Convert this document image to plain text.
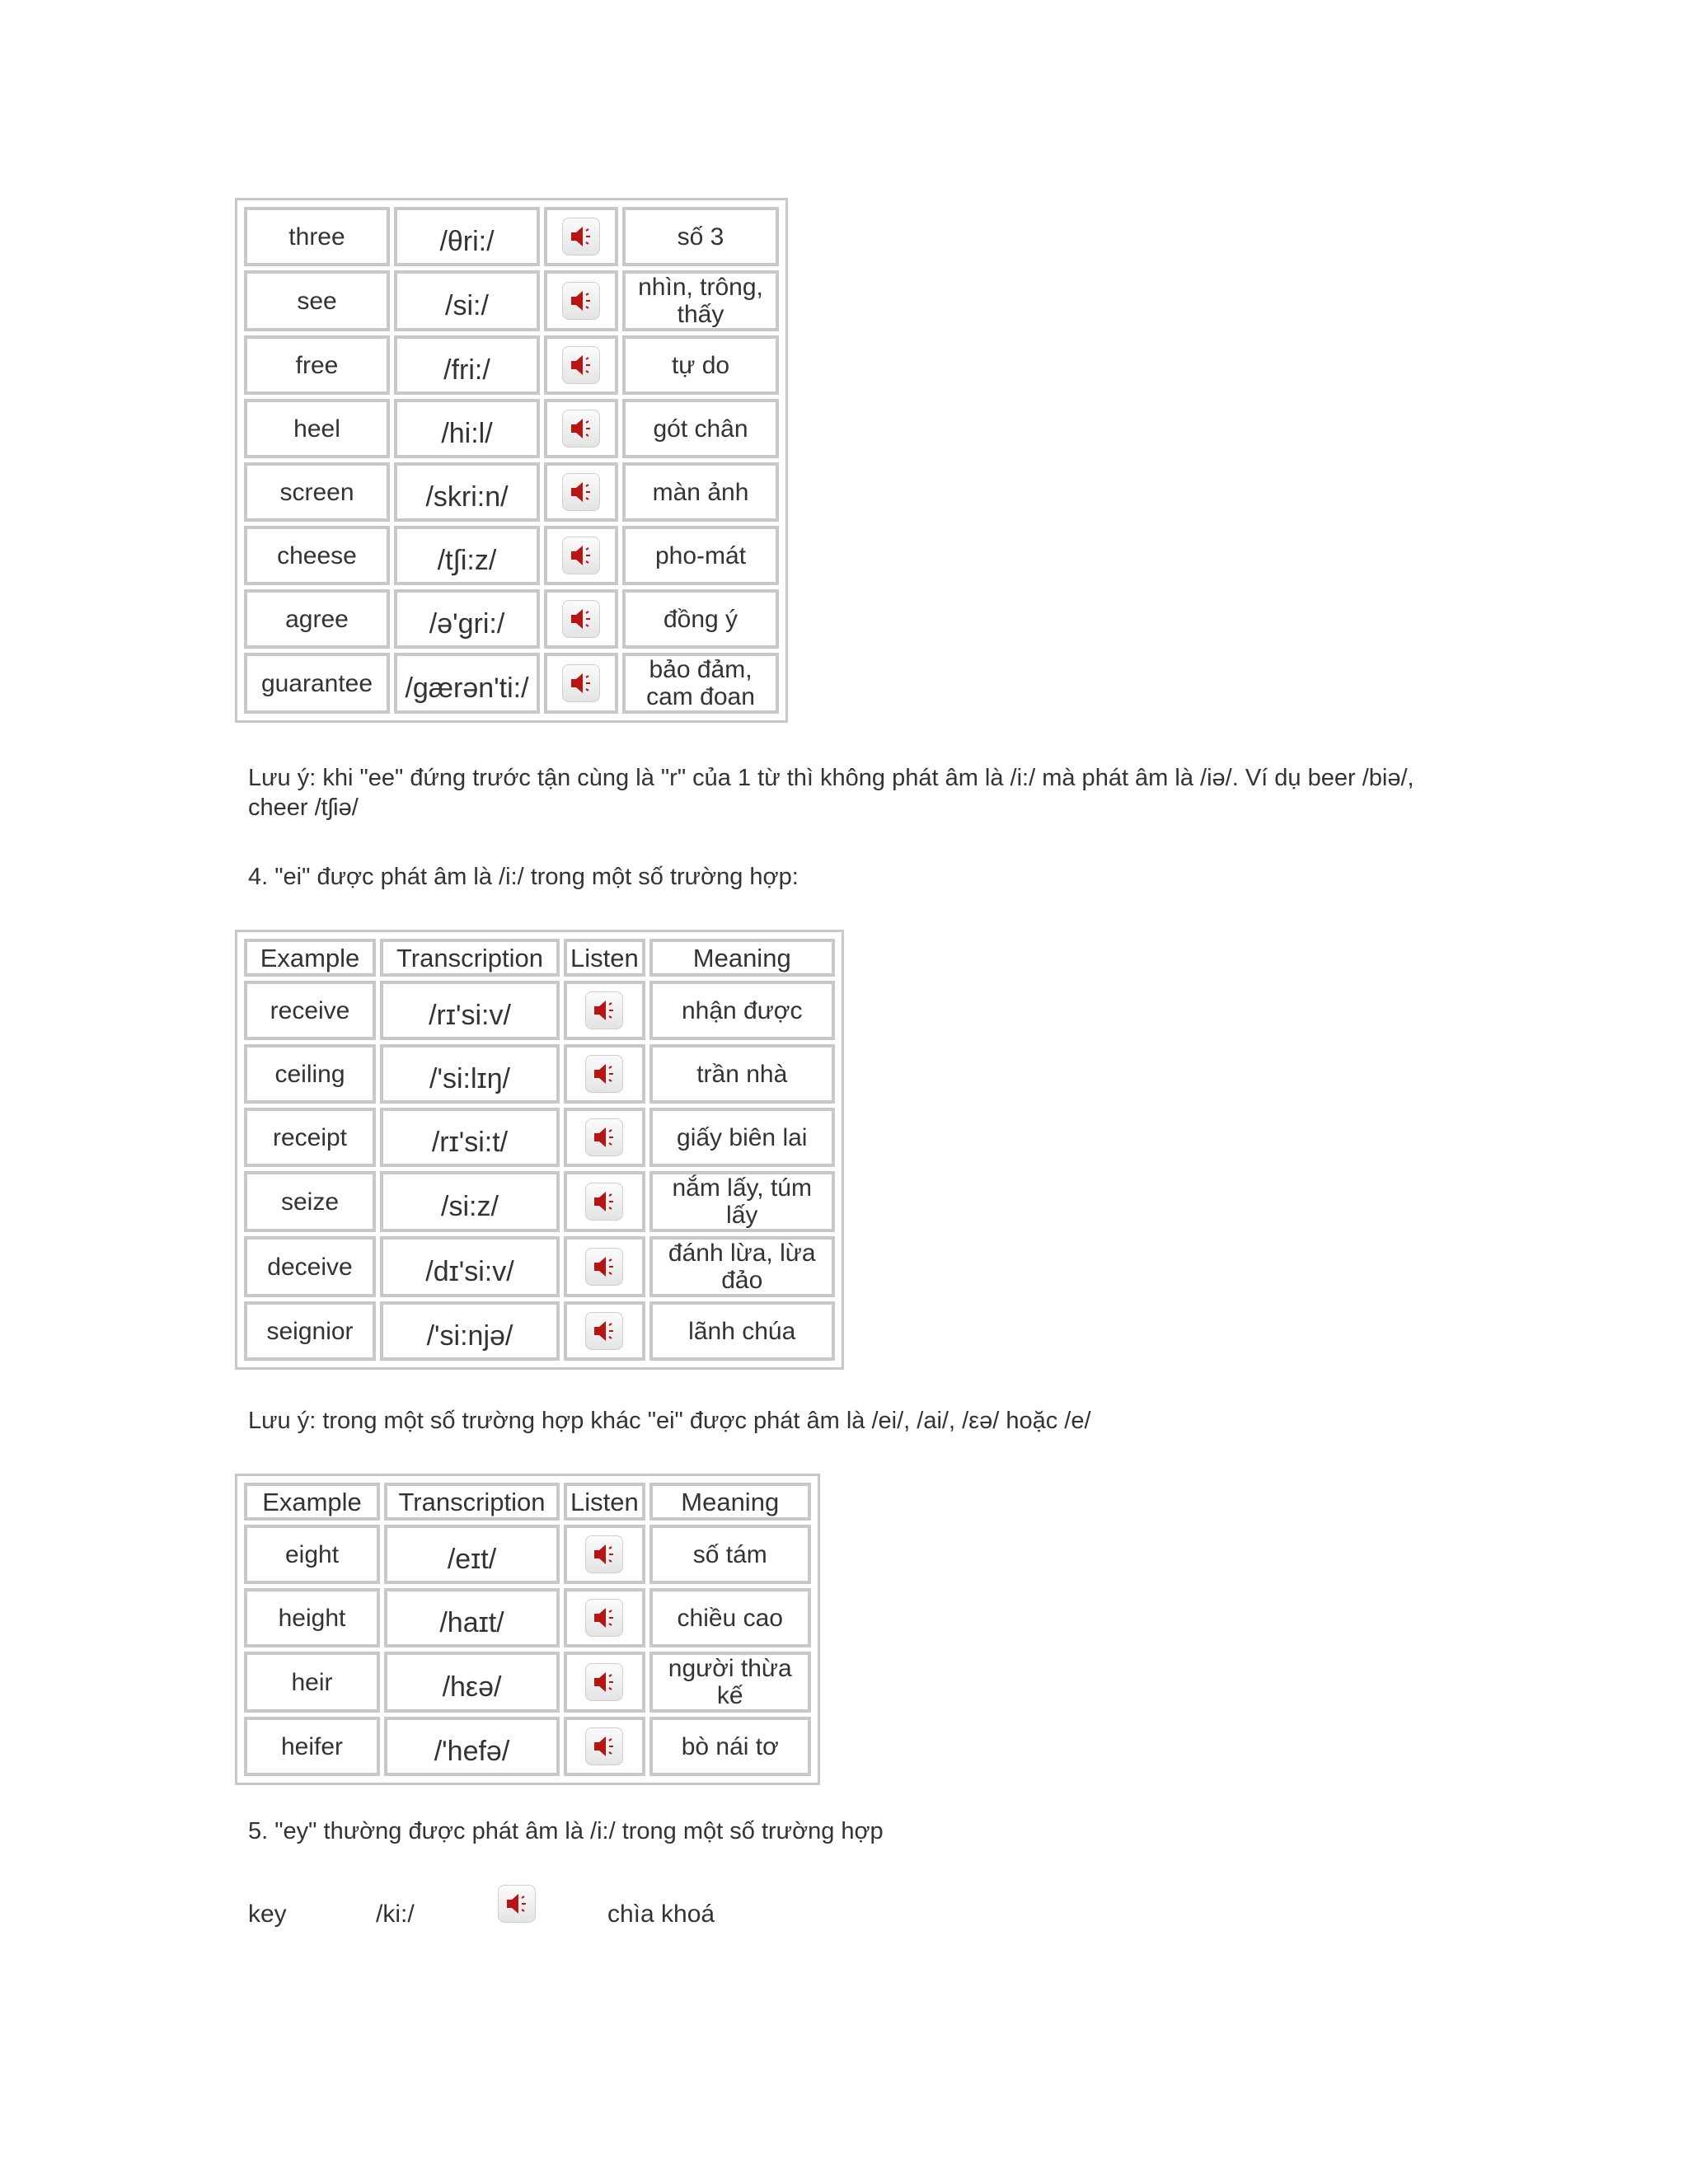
three	/θri:/		số 3
see	/si:/		nhìn, trông, thấy
free	/fri:/		tự do
heel	/hi:l/		gót chân
screen	/skri:n/		màn ảnh
cheese	/t∫i:z/		pho-mát
agree	/ə'gri:/		đồng ý
guarantee	/gærən'ti:/		bảo đảm, cam đoan

Lưu ý: khi "ee" đứng trước tận cùng là "r" của 1 từ thì không phát âm là /i:/ mà phát âm là /iə/. Ví dụ beer /biə/, cheer /tʃiə/

4. "ei" được phát âm là /i:/ trong một số trường hợp:

Example	Transcription	Listen	Meaning
receive	/rɪ'si:v/		nhận được
ceiling	/'si:lɪŋ/		trần nhà
receipt	/rɪ'si:t/		giấy biên lai
seize	/si:z/		nắm lấy, túm lấy
deceive	/dɪ'si:v/		đánh lừa, lừa đảo
seignior	/'si:njə/		lãnh chúa

Lưu ý: trong một số trường hợp khác "ei" được phát âm là /ei/, /ai/, /εə/ hoặc /e/

Example	Transcription	Listen	Meaning
eight	/eɪt/		số tám
height	/haɪt/		chiều cao
heir	/hεə/		người thừa kế
heifer	/'hefə/		bò nái tơ

5. "ey" thường được phát âm là /i:/ trong một số trường hợp

key	/ki:/	chìa khoá
